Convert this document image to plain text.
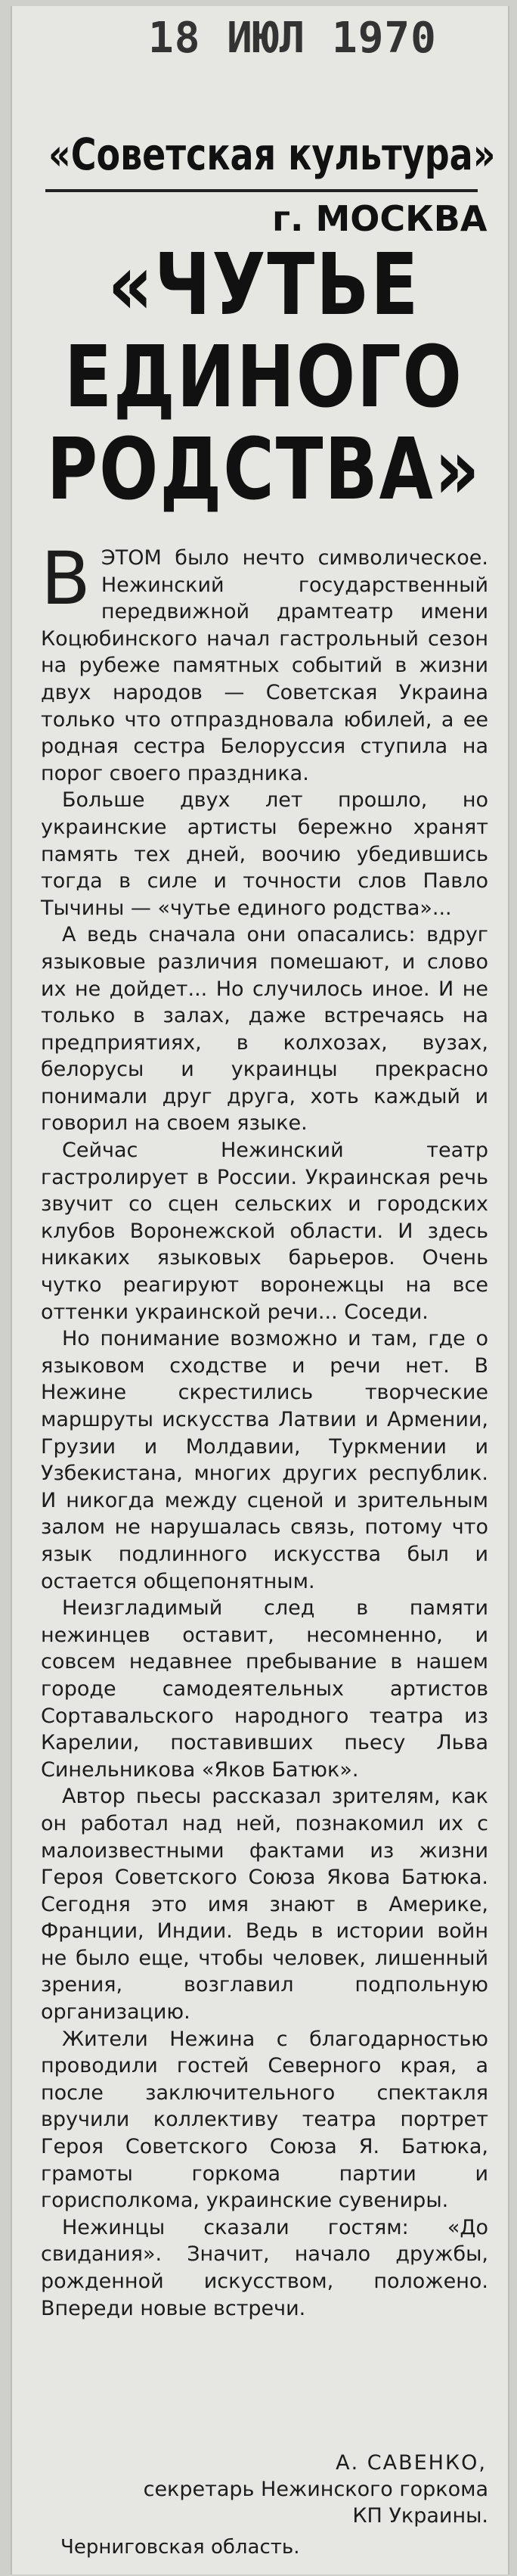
18 ИЮЛ 1970
«Советская культура»
г. МОСКВА
«ЧУТЬЕ
ЕДИНОГО
РОДСТВА»

ВЭТОМ было нечто символическое. Нежинский государственный передвижной драмтеатр имени Коцюбинского начал гастрольный сезон на рубеже памятных событий в жизни двух народов — Советская Украина только что отпраздновала юбилей, а ее родная сестра Белоруссия ступила на порог своего праздника.

Больше двух лет прошло, но украинские артисты бережно хранят память тех дней, воочию убедившись тогда в силе и точности слов Павло Тычины — «чутье единого родства»...

А ведь сначала они опасались: вдруг языковые различия помешают, и слово их не дойдет... Но случилось иное. И не только в залах, даже встречаясь на предприятиях, в колхозах, вузах, белорусы и украинцы прекрасно понимали друг друга, хоть каждый и говорил на своем языке.

Сейчас Нежинский театр гастролирует в России. Украинская речь звучит со сцен сельских и городских клубов Воронежской области. И здесь никаких языковых барьеров. Очень чутко реагируют воронежцы на все оттенки украинской речи... Соседи.

Но понимание возможно и там, где о языковом сходстве и речи нет. В Нежине скрестились творческие маршруты искусства Латвии и Армении, Грузии и Молдавии, Туркмении и Узбекистана, многих других республик. И никогда между сценой и зрительным залом не нарушалась связь, потому что язык подлинного искусства был и остается общепонятным.

Неизгладимый след в памяти нежинцев оставит, несомненно, и совсем недавнее пребывание в нашем городе самодеятельных артистов Сортавальского народного театра из Карелии, поставивших пьесу Льва Синельникова «Яков Батюк».

Автор пьесы рассказал зрителям, как он работал над ней, познакомил их с малоизвестными фактами из жизни Героя Советского Союза Якова Батюка. Сегодня это имя знают в Америке, Франции, Индии. Ведь в истории войн не было еще, чтобы человек, лишенный зрения, возглавил подпольную организацию.

Жители Нежина с благодарностью проводили гостей Северного края, а после заключительного спектакля вручили коллективу театра портрет Героя Советского Союза Я. Батюка, грамоты горкома партии и горисполкома, украинские сувениры.

Нежинцы сказали гостям: «До свидания». Значит, начало дружбы, рожденной искусством, положено. Впереди новые встречи.

А. САВЕНКО,
секретарь Нежинского горкома
КП Украины.
Черниговская область.
